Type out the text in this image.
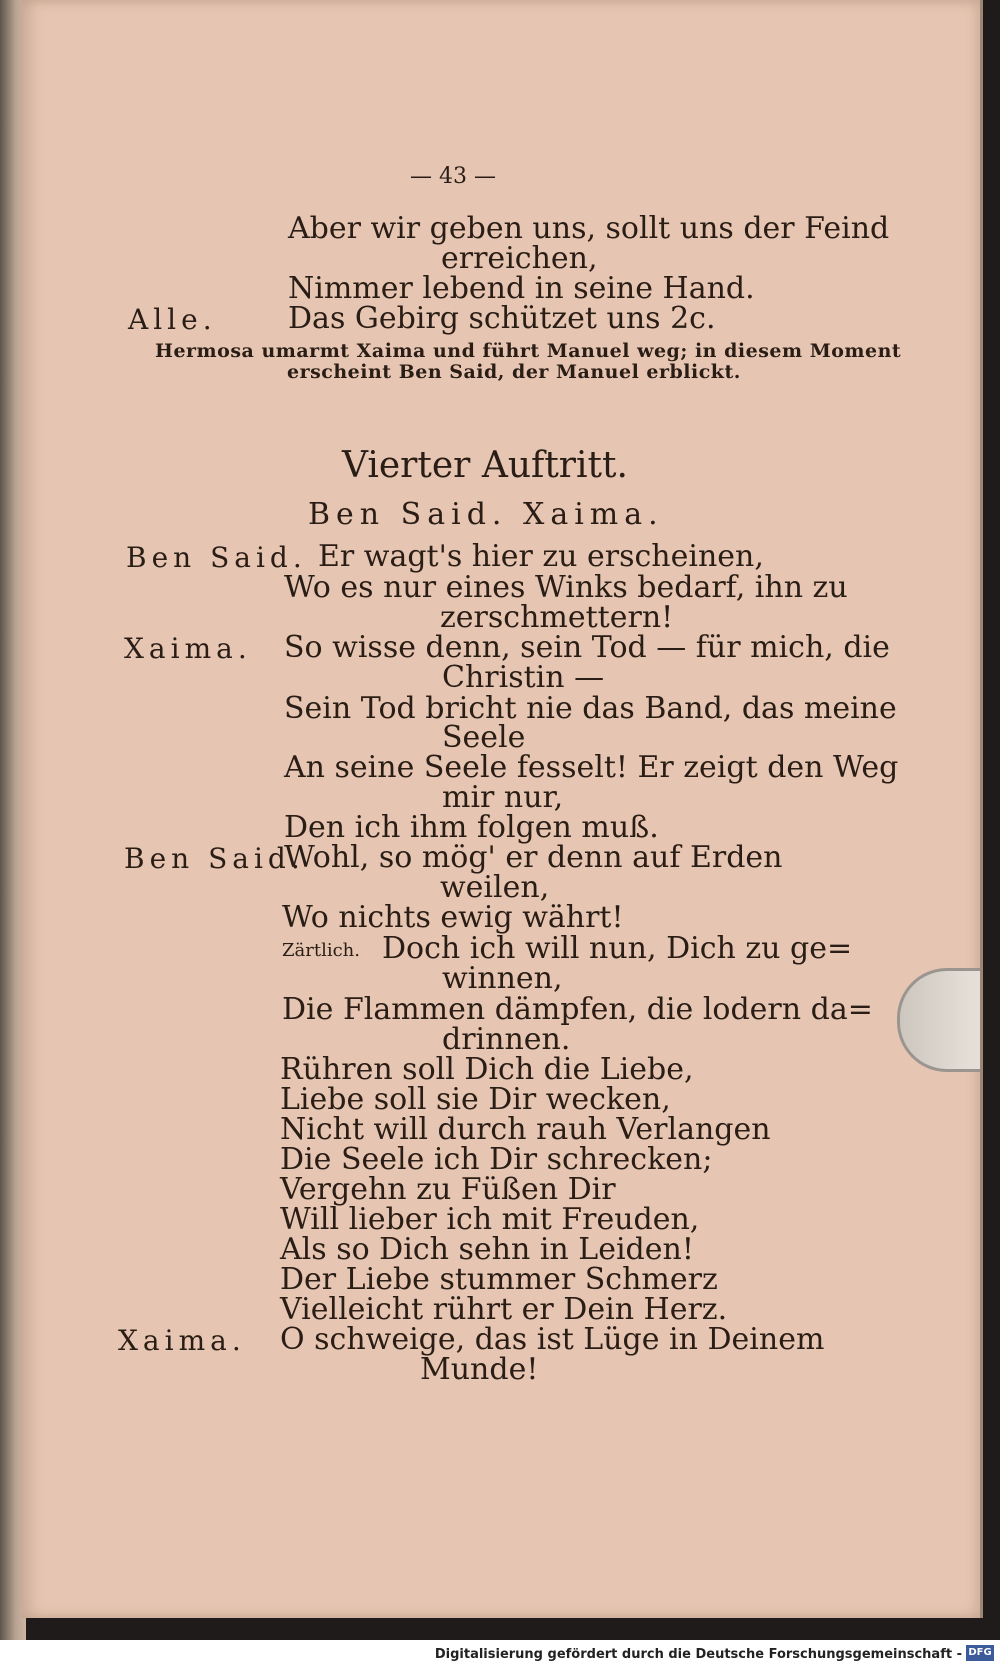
— 43 —
Aber wir geben uns, sollt uns der Feind
erreichen,
Nimmer lebend in seine Hand.
Alle. Das Gebirg schützet uns 2c.
Hermosa umarmt Xaima und führt Manuel weg; in diesem Moment
erscheint Ben Said, der Manuel erblickt.
Vierter Auftritt.
Ben Said. Xaima.
Ben Said. Er wagt's hier zu erscheinen,
Wo es nur eines Winks bedarf, ihn zu
zerschmettern!
Xaima. So wisse denn, sein Tod — für mich, die
Christin —
Sein Tod bricht nie das Band, das meine
Seele
An seine Seele fesselt! Er zeigt den Weg
mir nur,
Den ich ihm folgen muß.
Ben Said.
Wohl, so mög' er denn auf Erden
weilen,
Wo nichts ewig währt!
Zärtlich. Doch ich will nun, Dich zu ge=
winnen,
Die Flammen dämpfen, die lodern da=
drinnen.
Rühren soll Dich die Liebe,
Liebe soll sie Dir wecken,
Nicht will durch rauh Verlangen
Die Seele ich Dir schrecken;
Vergehn zu Füßen Dir
Will lieber ich mit Freuden,
Als so Dich sehn in Leiden!
Der Liebe stummer Schmerz
Vielleicht rührt er Dein Herz.
Xaima. O schweige, das ist Lüge in Deinem
Munde!
Digitalisierung gefördert durch die Deutsche Forschungsgemeinschaft - DFG
